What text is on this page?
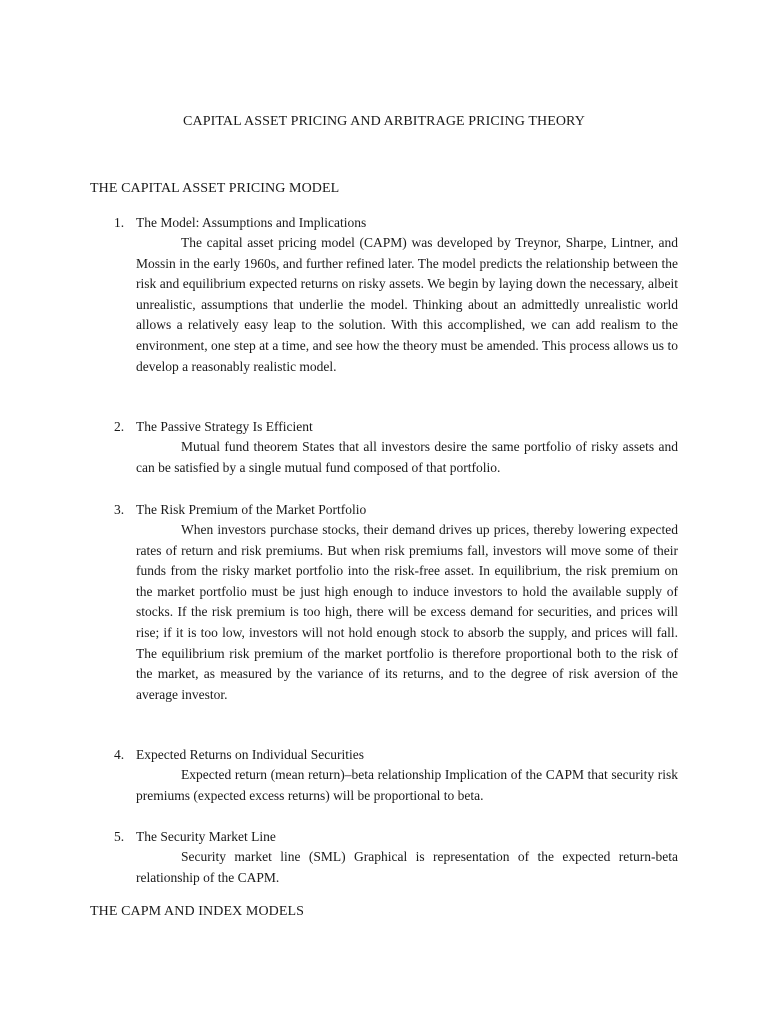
CAPITAL ASSET PRICING AND ARBITRAGE PRICING THEORY
THE CAPITAL ASSET PRICING MODEL
1. The Model: Assumptions and Implications
The capital asset pricing model (CAPM) was developed by Treynor, Sharpe, Lintner, and Mossin in the early 1960s, and further refined later. The model predicts the relationship between the risk and equilibrium expected returns on risky assets. We begin by laying down the necessary, albeit unrealistic, assumptions that underlie the model. Thinking about an admittedly unrealistic world allows a relatively easy leap to the solution. With this accomplished, we can add realism to the environment, one step at a time, and see how the theory must be amended. This process allows us to develop a reasonably realistic model.
2. The Passive Strategy Is Efficient
Mutual fund theorem States that all investors desire the same portfolio of risky assets and can be satisfied by a single mutual fund composed of that portfolio.
3. The Risk Premium of the Market Portfolio
When investors purchase stocks, their demand drives up prices, thereby lowering expected rates of return and risk premiums. But when risk premiums fall, investors will move some of their funds from the risky market portfolio into the risk-free asset. In equilibrium, the risk premium on the market portfolio must be just high enough to induce investors to hold the available supply of stocks. If the risk premium is too high, there will be excess demand for securities, and prices will rise; if it is too low, investors will not hold enough stock to absorb the supply, and prices will fall. The equilibrium risk premium of the market portfolio is therefore proportional both to the risk of the market, as measured by the variance of its returns, and to the degree of risk aversion of the average investor.
4. Expected Returns on Individual Securities
Expected return (mean return)–beta relationship Implication of the CAPM that security risk premiums (expected excess returns) will be proportional to beta.
5. The Security Market Line
Security market line (SML) Graphical is representation of the expected return-beta relationship of the CAPM.
THE CAPM AND INDEX MODELS
